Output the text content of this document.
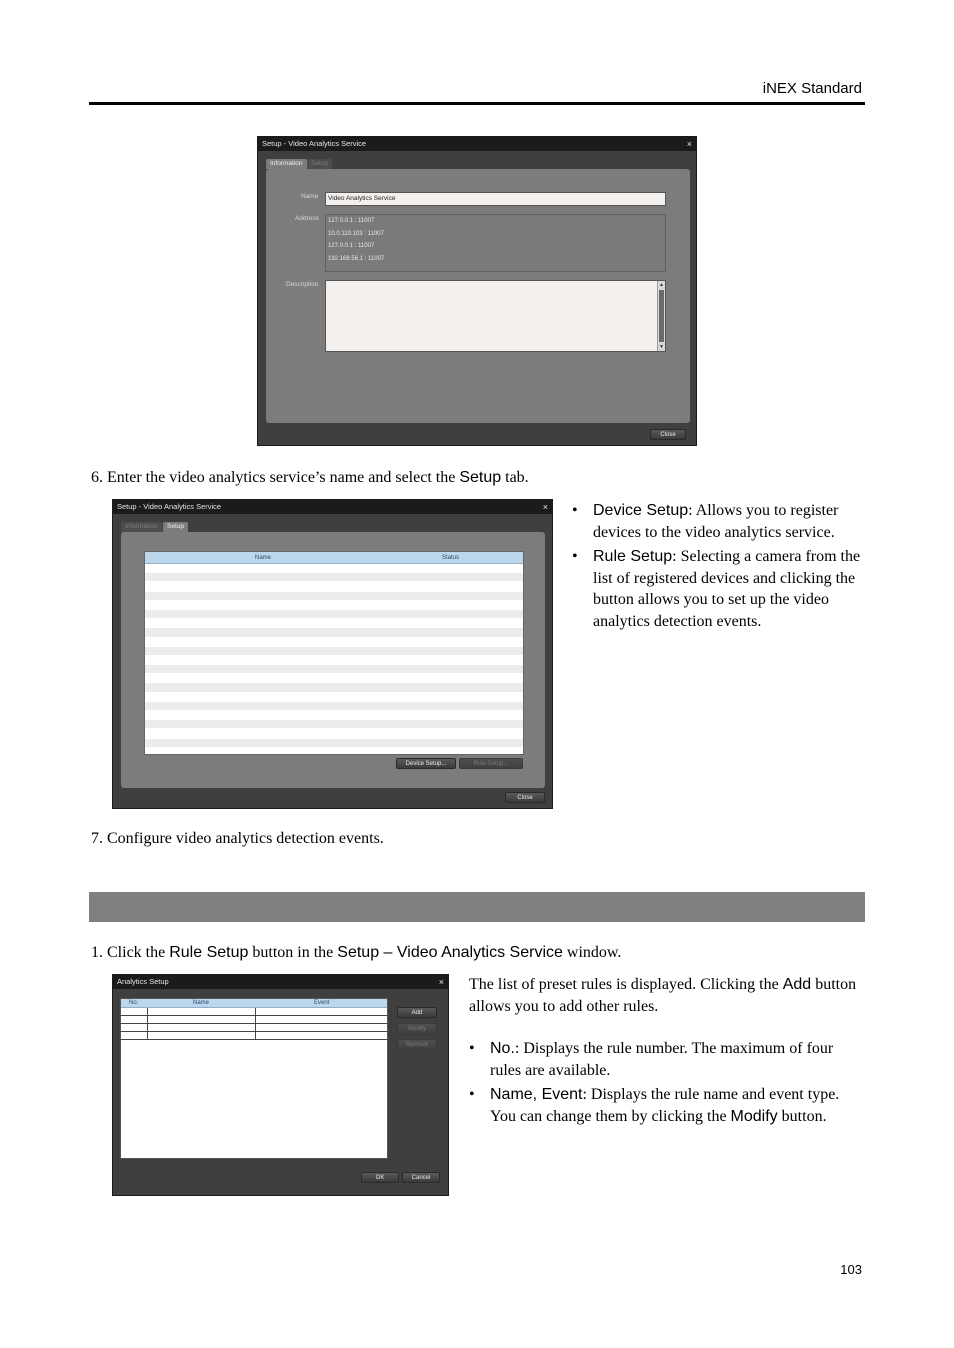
iNEX Standard
Setup - Video Analytics Service	×
Information	Setup
Name	Video Analytics Service
Address	127.0.0.1 : 11007
10.0.110.103 : 11007
127.0.0.1 : 11007
192.168.56.1 : 11007
Description	▲
▼
Close
6. Enter the video analytics service’s name and select the Setup tab.
Setup - Video Analytics Service	×
Information	Setup
Name	Status
Device Setup...	Rule Setup...
Close
• Device Setup: Allows you to register devices to the video analytics service.
• Rule Setup: Selecting a camera from the list of registered devices and clicking the button allows you to set up the video analytics detection events.
7. Configure video analytics detection events.
1. Click the Rule Setup button in the Setup – Video Analytics Service window.
Analytics Setup	×
No.	Name	Event
Add
Modify
Remove
OK	Cancel
The list of preset rules is displayed. Clicking the Add button allows you to add other rules.
• No.: Displays the rule number. The maximum of four rules are available.
• Name, Event: Displays the rule name and event type. You can change them by clicking the Modify button.
103
